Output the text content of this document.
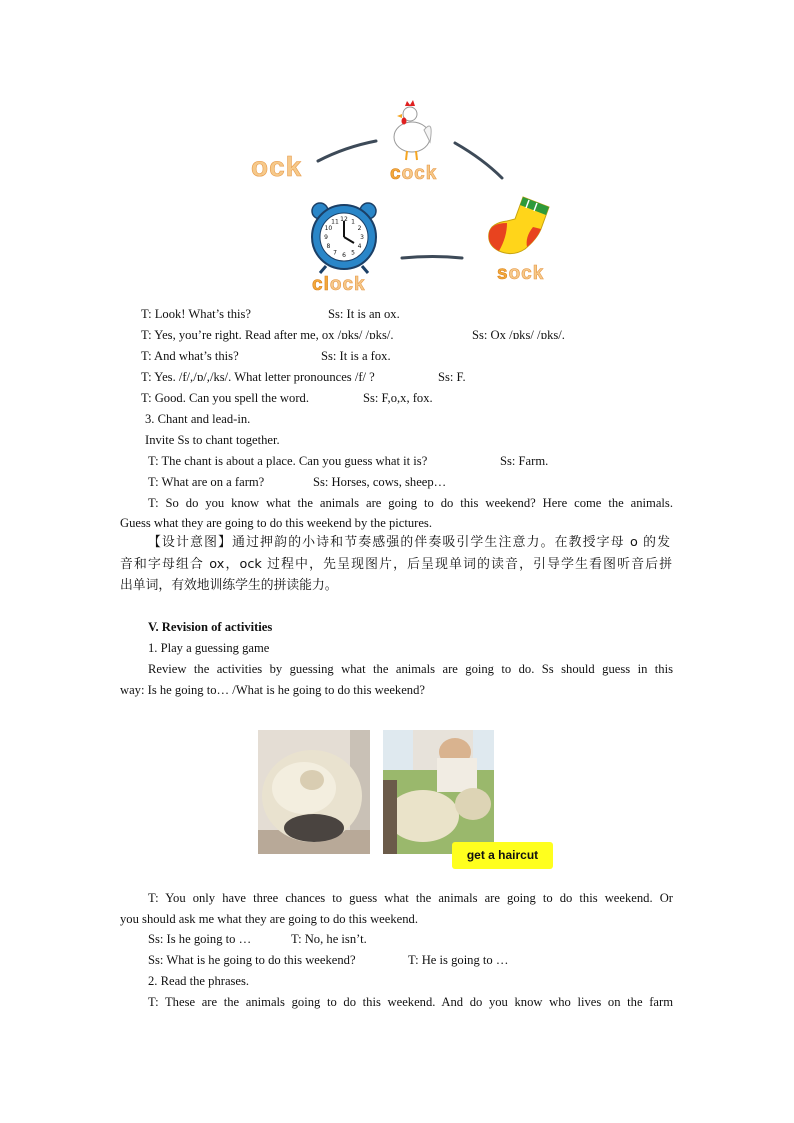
12 1
2
3
4
5
6
7
8
9
10
11
ock	cock
sock
clock
T: Look! What’s this?	Ss: It is an ox.
T: Yes, you’re right. Read after me, ox /ɒks/ /ɒks/.	Ss: Ox /ɒks/ /ɒks/.
T: And what’s this?	Ss: It is a fox.
T: Yes. /f/,/ɒ/,/ks/. What letter pronounces /f/ ?	Ss: F.
T: Good. Can you spell the word.	Ss: F,o,x, fox.
3. Chant and lead-in.
Invite Ss to chant together.
T: The chant is about a place. Can you guess what it is?	Ss: Farm.
T: What are on a farm?	Ss: Horses, cows, sheep…
T: So do you know what the animals are going to do this weekend? Here come the animals.
Guess what they are going to do this weekend by the pictures.
【设计意图】通过押韵的小诗和节奏感强的伴奏吸引学生注意力。在教授字母 o 的发
音和字母组合 ox，ock 过程中，先呈现图片，后呈现单词的读音，引导学生看图听音后拼
出单词，有效地训练学生的拼读能力。
V. Revision of activities
1. Play a guessing game
Review the activities by guessing what the animals are going to do. Ss should guess in this
way: Is he going to… /What is he going to do this weekend?
get a haircut
T: You only have three chances to guess what the animals are going to do this weekend. Or
you should ask me what they are going to do this weekend.
Ss: Is he going to …	T: No, he isn’t.
Ss: What is he going to do this weekend?	T: He is going to …
2. Read the phrases.
T: These are the animals going to do this weekend. And do you know who lives on the farm
